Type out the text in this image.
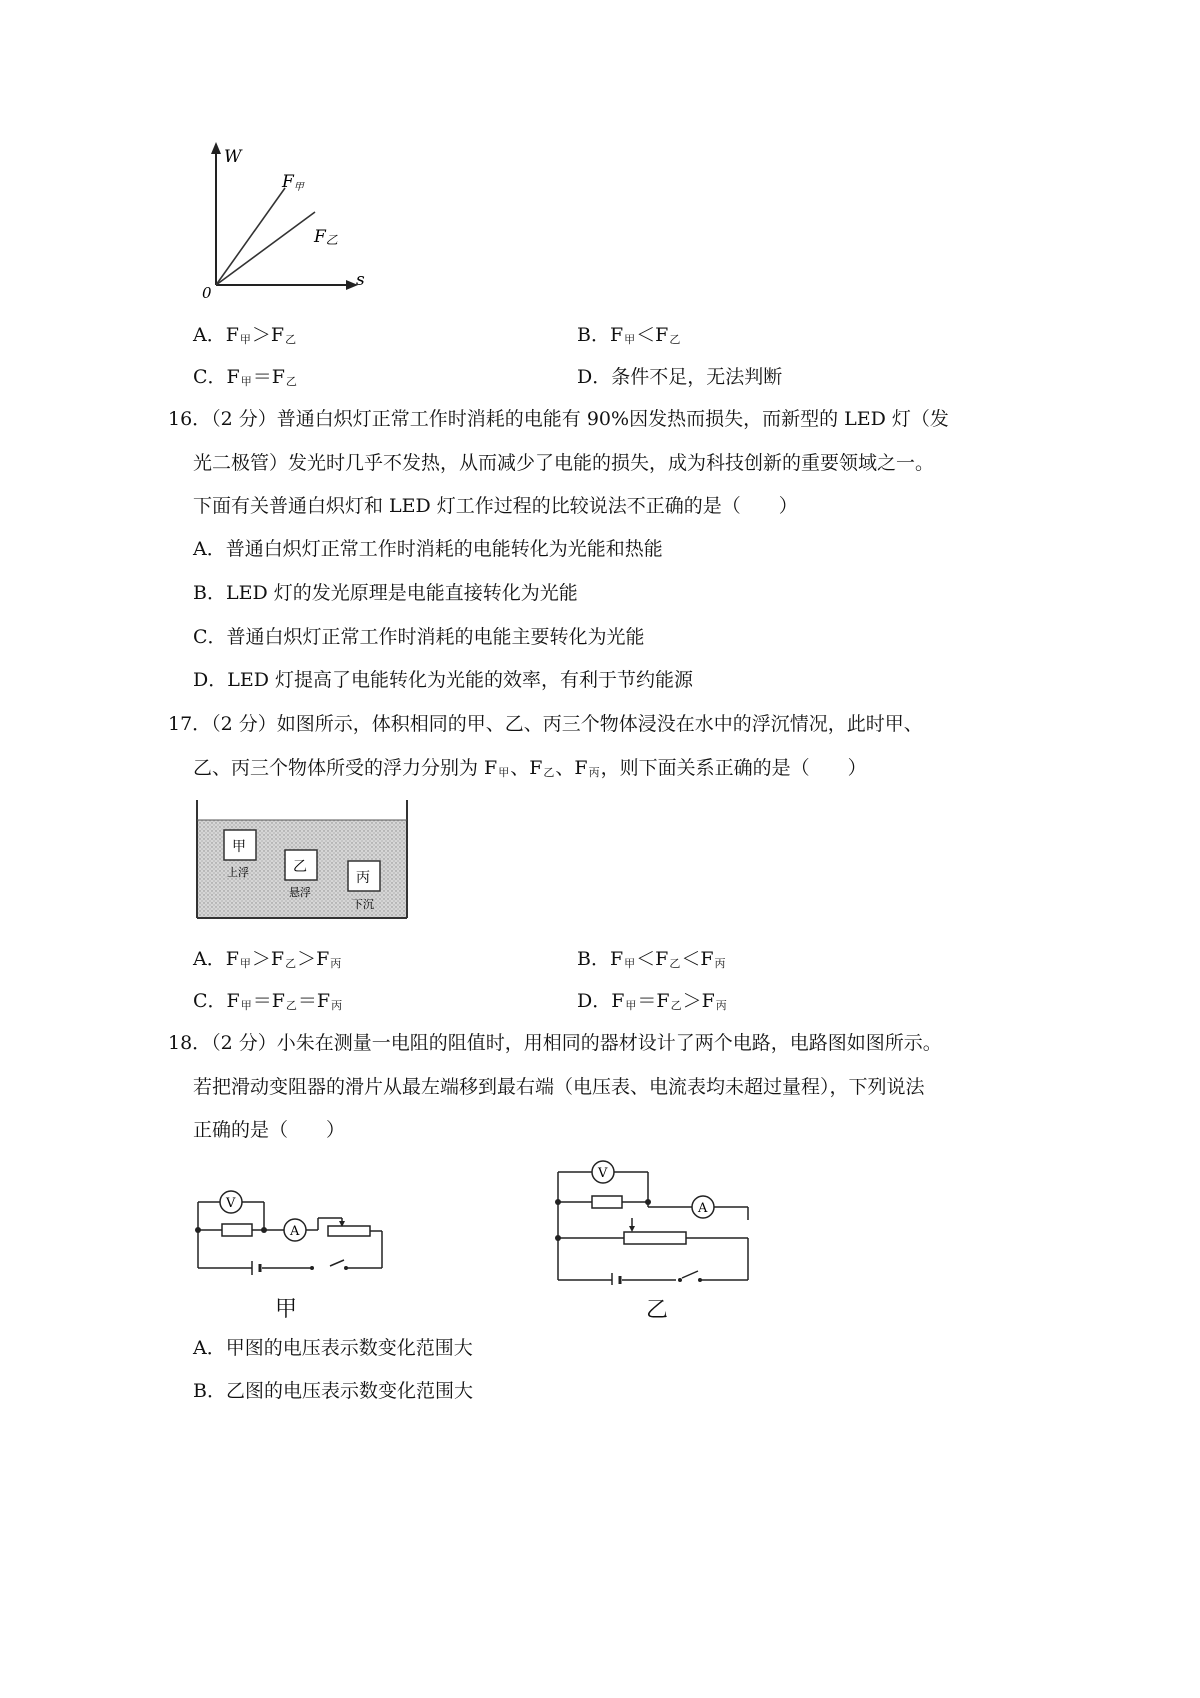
W
s
0
F甲
F乙
A．F甲＞F乙	B．F甲＜F乙
C．F甲＝F乙	D．条件不足，无法判断
16．（2 分）普通白炽灯正常工作时消耗的电能有 90%因发热而损失，而新型的 LED 灯（发
光二极管）发光时几乎不发热，从而减少了电能的损失，成为科技创新的重要领域之一。
下面有关普通白炽灯和 LED 灯工作过程的比较说法不正确的是（　　）
A．普通白炽灯正常工作时消耗的电能转化为光能和热能
B．LED 灯的发光原理是电能直接转化为光能
C．普通白炽灯正常工作时消耗的电能主要转化为光能
D．LED 灯提高了电能转化为光能的效率，有利于节约能源
17．（2 分）如图所示，体积相同的甲、乙、丙三个物体浸没在水中的浮沉情况，此时甲、
乙、丙三个物体所受的浮力分别为 F甲、F乙、F丙，则下面关系正确的是（　　）
甲
上浮	乙
悬浮
丙
下沉
A．F甲＞F乙＞F丙	B．F甲＜F乙＜F丙
C．F甲＝F乙＝F丙	D．F甲＝F乙＞F丙
18．（2 分）小朱在测量一电阻的阻值时，用相同的器材设计了两个电路，电路图如图所示。
若把滑动变阻器的滑片从最左端移到最右端（电压表、电流表均未超过量程），下列说法
正确的是（　　）
V
A
甲
V
A
乙
A．甲图的电压表示数变化范围大
B．乙图的电压表示数变化范围大
